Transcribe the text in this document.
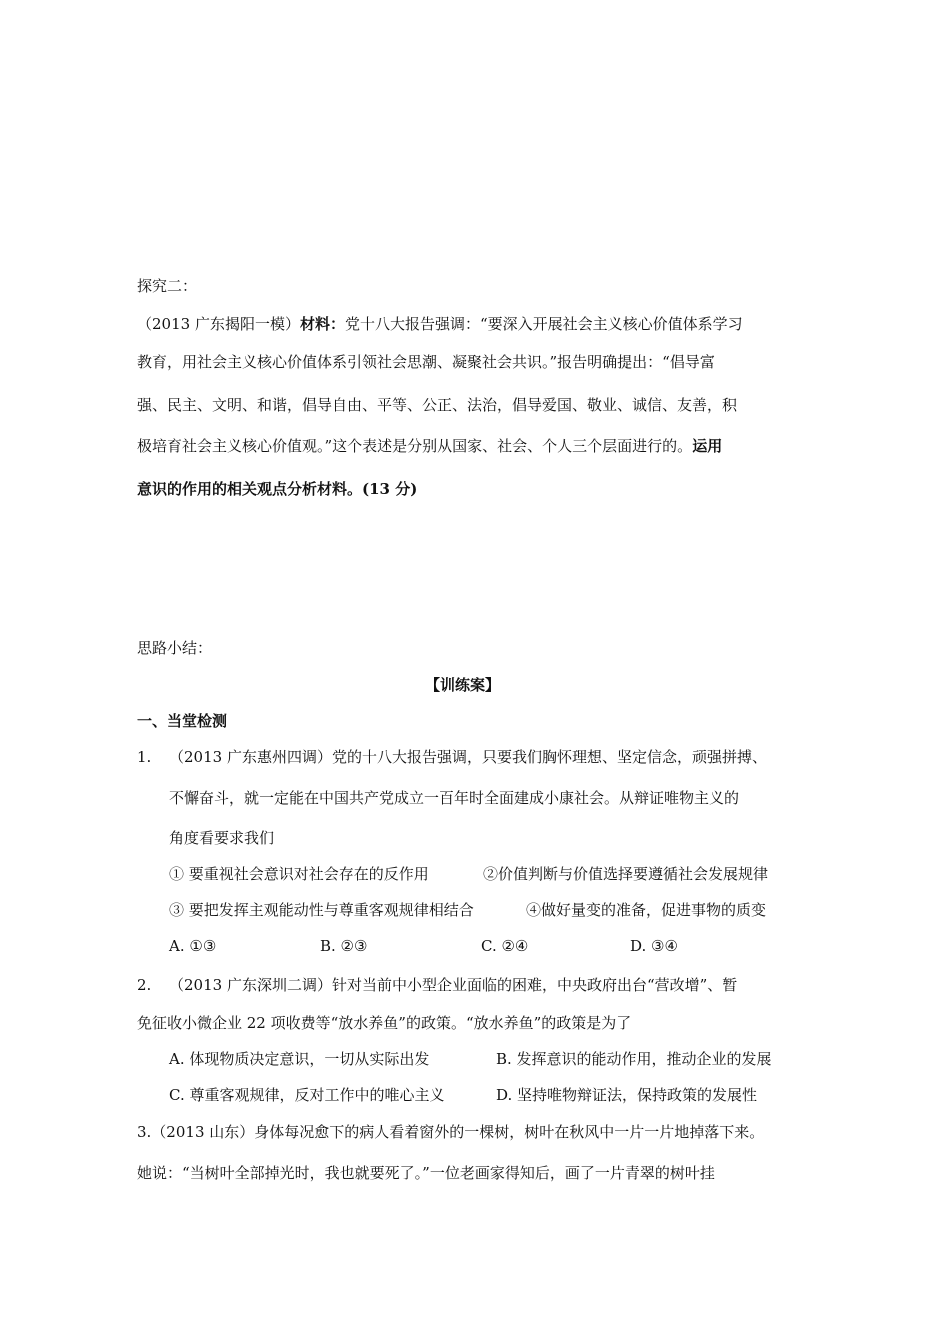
探究二：
（2013 广东揭阳一模）材料：党十八大报告强调：“要深入开展社会主义核心价值体系学习
教育，用社会主义核心价值体系引领社会思潮、凝聚社会共识。”报告明确提出：“倡导富
强、民主、文明、和谐，倡导自由、平等、公正、法治，倡导爱国、敬业、诚信、友善，积
极培育社会主义核心价值观。”这个表述是分别从国家、社会、个人三个层面进行的。运用
意识的作用的相关观点分析材料。(13 分)
思路小结：
【训练案】
一、当堂检测
1. （2013 广东惠州四调）党的十八大报告强调，只要我们胸怀理想、坚定信念，顽强拼搏、
不懈奋斗，就一定能在中国共产党成立一百年时全面建成小康社会。从辩证唯物主义的
角度看要求我们
① 要重视社会意识对社会存在的反作用	②价值判断与价值选择要遵循社会发展规律
③ 要把发挥主观能动性与尊重客观规律相结合	④做好量变的准备，促进事物的质变
A. ①③	B. ②③	C. ②④	D. ③④
2. （2013 广东深圳二调）针对当前中小型企业面临的困难，中央政府出台“营改增”、暂
免征收小微企业 22 项收费等“放水养鱼”的政策。“放水养鱼”的政策是为了
A. 体现物质决定意识，一切从实际出发	B. 发挥意识的能动作用，推动企业的发展
C. 尊重客观规律，反对工作中的唯心主义	D. 坚持唯物辩证法，保持政策的发展性
3.（2013 山东）身体每况愈下的病人看着窗外的一棵树，树叶在秋风中一片一片地掉落下来。
她说：“当树叶全部掉光时，我也就要死了。”一位老画家得知后，画了一片青翠的树叶挂
